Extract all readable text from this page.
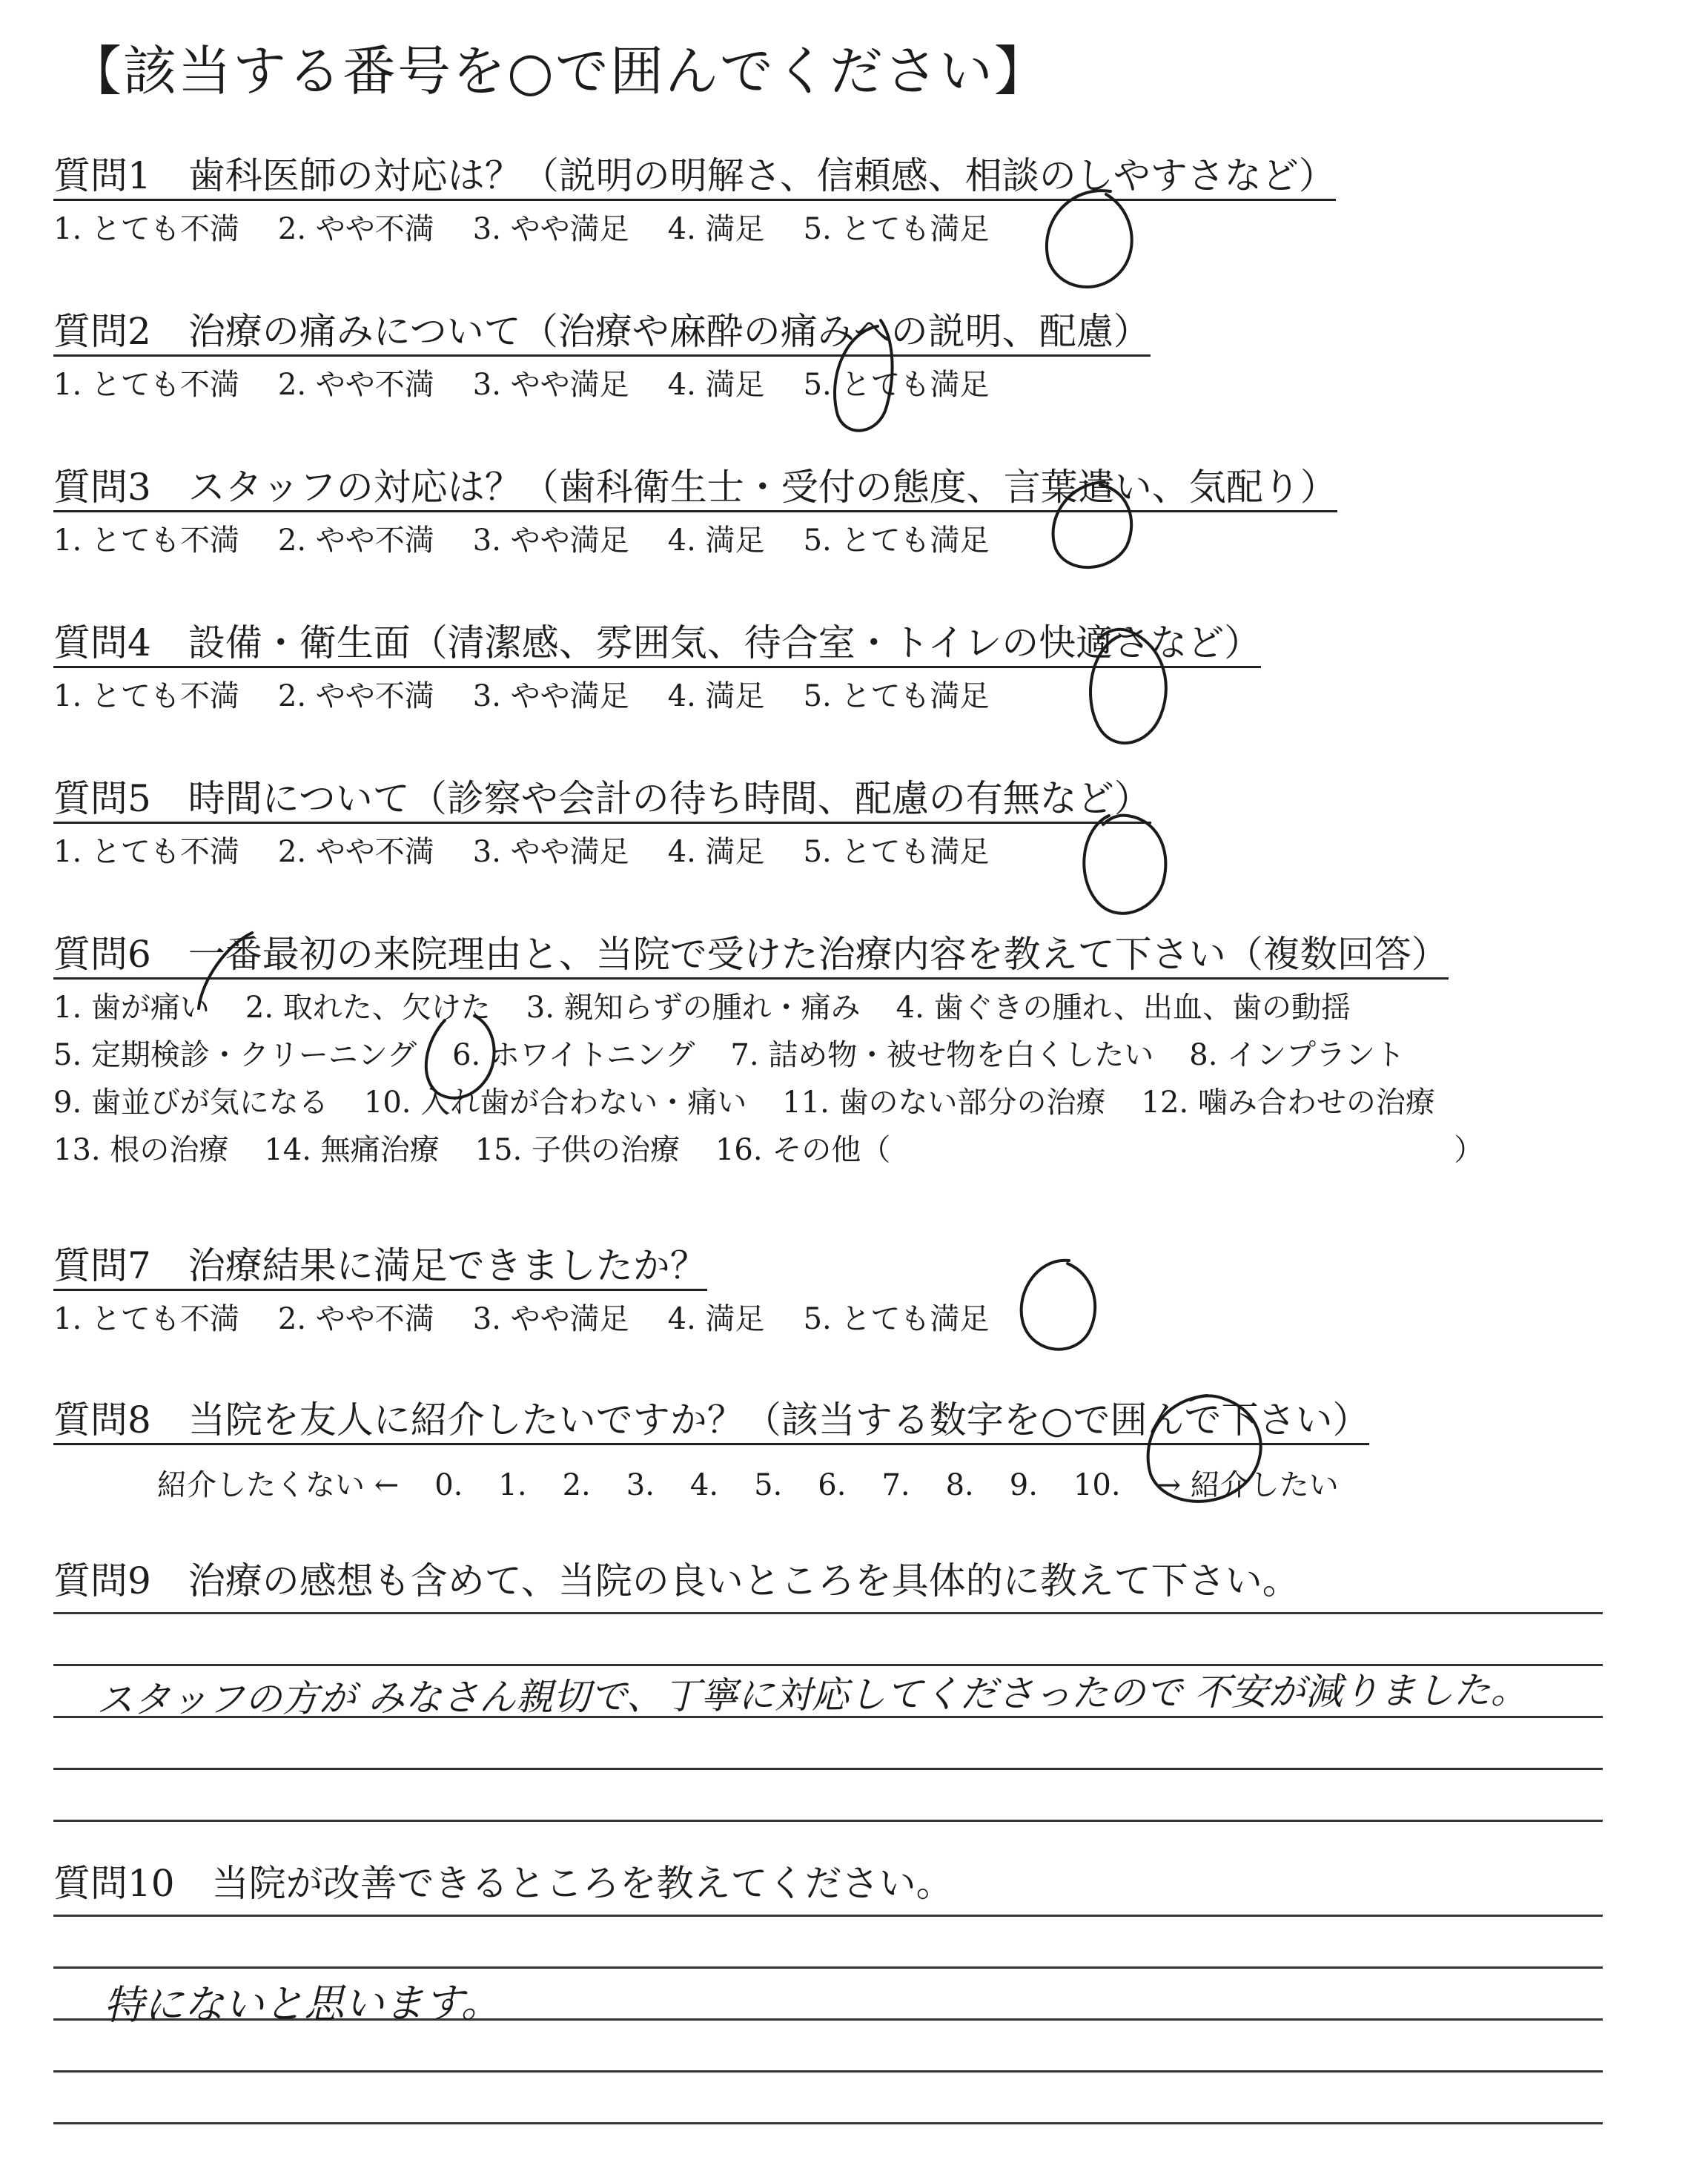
【該当する番号を○で囲んでください】
質問1　歯科医師の対応は？（説明の明解さ、信頼感、相談のしやすさなど）
1. とても不満 2. やや不満 3. やや満足 4. 満足 5. とても満足
質問2　治療の痛みについて（治療や麻酔の痛みへの説明、配慮）
1. とても不満 2. やや不満 3. やや満足 4. 満足 5. とても満足
質問3　スタッフの対応は？（歯科衛生士・受付の態度、言葉遣い、気配り）
1. とても不満 2. やや不満 3. やや満足 4. 満足 5. とても満足
質問4　設備・衛生面（清潔感、雰囲気、待合室・トイレの快適さなど）
1. とても不満 2. やや不満 3. やや満足 4. 満足 5. とても満足
質問5　時間について（診察や会計の待ち時間、配慮の有無など）
1. とても不満 2. やや不満 3. やや満足 4. 満足 5. とても満足
質問6　一番最初の来院理由と、当院で受けた治療内容を教えて下さい（複数回答）
1. 歯が痛い 2. 取れた、欠けた 3. 親知らずの腫れ・痛み 4. 歯ぐきの腫れ、出血、歯の動揺
5. 定期検診・クリーニング 6. ホワイトニング 7. 詰め物・被せ物を白くしたい 8. インプラント
9. 歯並びが気になる 10. 入れ歯が合わない・痛い 11. 歯のない部分の治療 12. 噛み合わせの治療
13. 根の治療 14. 無痛治療 15. 子供の治療 16. その他（	）
質問7　治療結果に満足できましたか？
1. とても不満 2. やや不満 3. やや満足 4. 満足 5. とても満足
質問8　当院を友人に紹介したいですか？（該当する数字を○で囲んで下さい）
紹介したくない ← 0. 1. 2. 3. 4. 5. 6. 7. 8. 9. 10. → 紹介したい
質問9　治療の感想も含めて、当院の良いところを具体的に教えて下さい。
スタッフの方が みなさん親切で、丁寧に対応してくださったので 不安が減りました。
質問10　当院が改善できるところを教えてください。
特にないと思います。
